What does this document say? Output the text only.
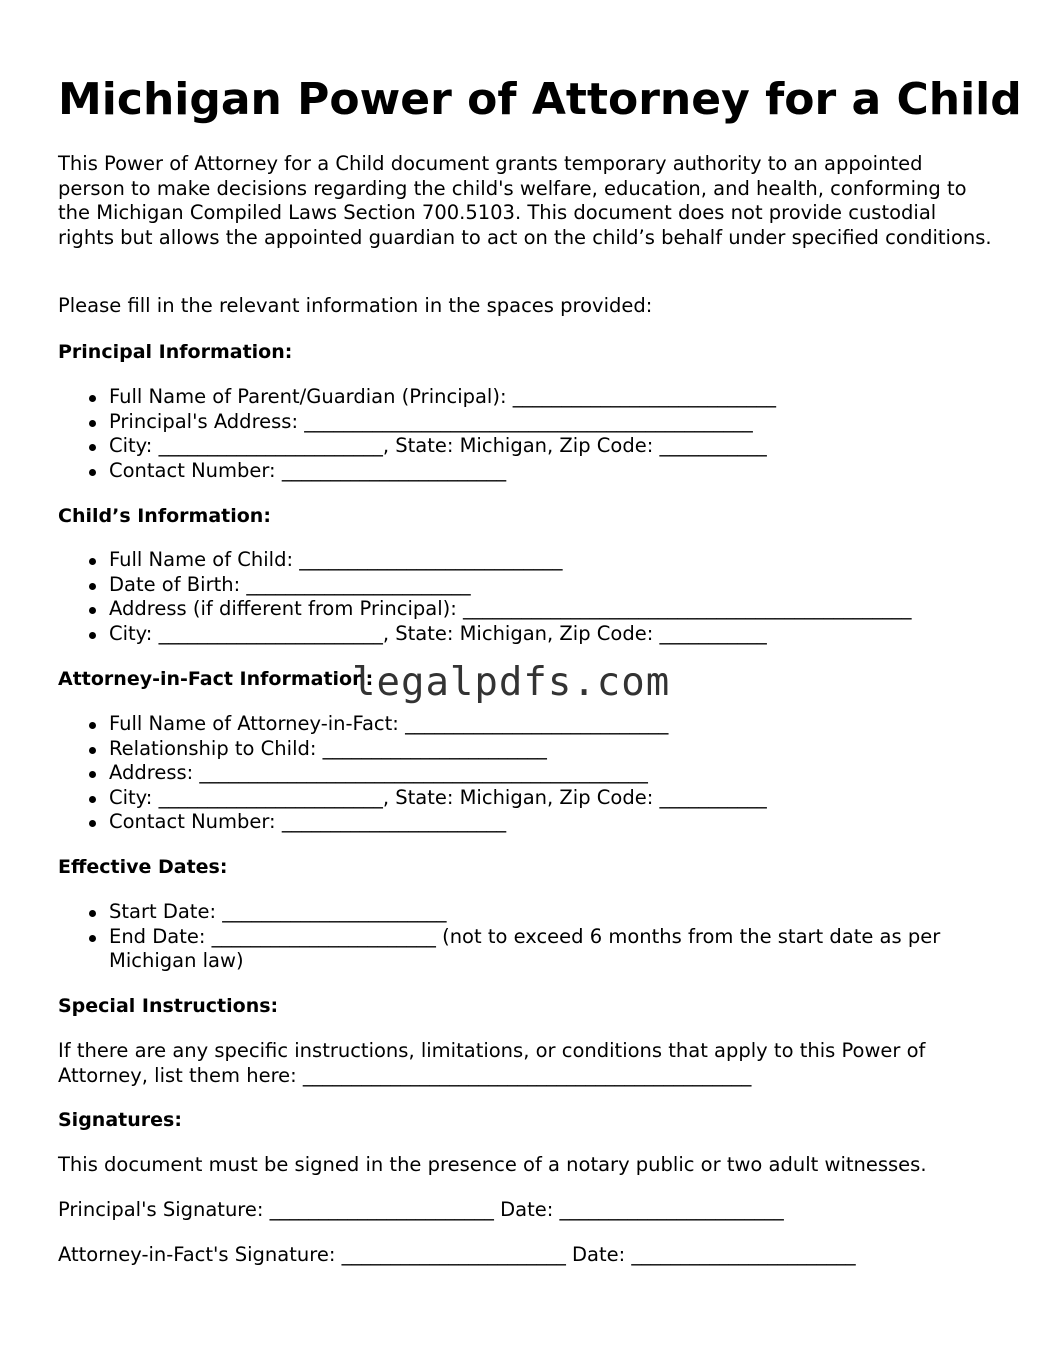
Michigan Power of Attorney for a Child

This Power of Attorney for a Child document grants temporary authority to an appointed person to make decisions regarding the child's welfare, education, and health, conforming to the Michigan Compiled Laws Section 700.5103. This document does not provide custodial rights but allows the appointed guardian to act on the child’s behalf under specified conditions.

Please fill in the relevant information in the spaces provided:

Principal Information:
Full Name of Parent/Guardian (Principal): ___________________________
Principal's Address: ______________________________________________
City: _______________________, State: Michigan, Zip Code: ___________
Contact Number: _______________________
Child’s Information:
Full Name of Child: ___________________________
Date of Birth: _______________________
Address (if different from Principal): ______________________________________________
City: _______________________, State: Michigan, Zip Code: ___________
Attorney-in-Fact Information:
Full Name of Attorney-in-Fact: ___________________________
Relationship to Child: _______________________
Address: ______________________________________________
City: _______________________, State: Michigan, Zip Code: ___________
Contact Number: _______________________
Effective Dates:
Start Date: _______________________
End Date: _______________________ (not to exceed 6 months from the start date as per Michigan law)
Special Instructions:

If there are any specific instructions, limitations, or conditions that apply to this Power of Attorney, list them here: ______________________________________________

Signatures:

This document must be signed in the presence of a notary public or two adult witnesses.

Principal's Signature: _______________________ Date: _______________________

Attorney-in-Fact's Signature: _______________________ Date: _______________________

legalpdfs.com
